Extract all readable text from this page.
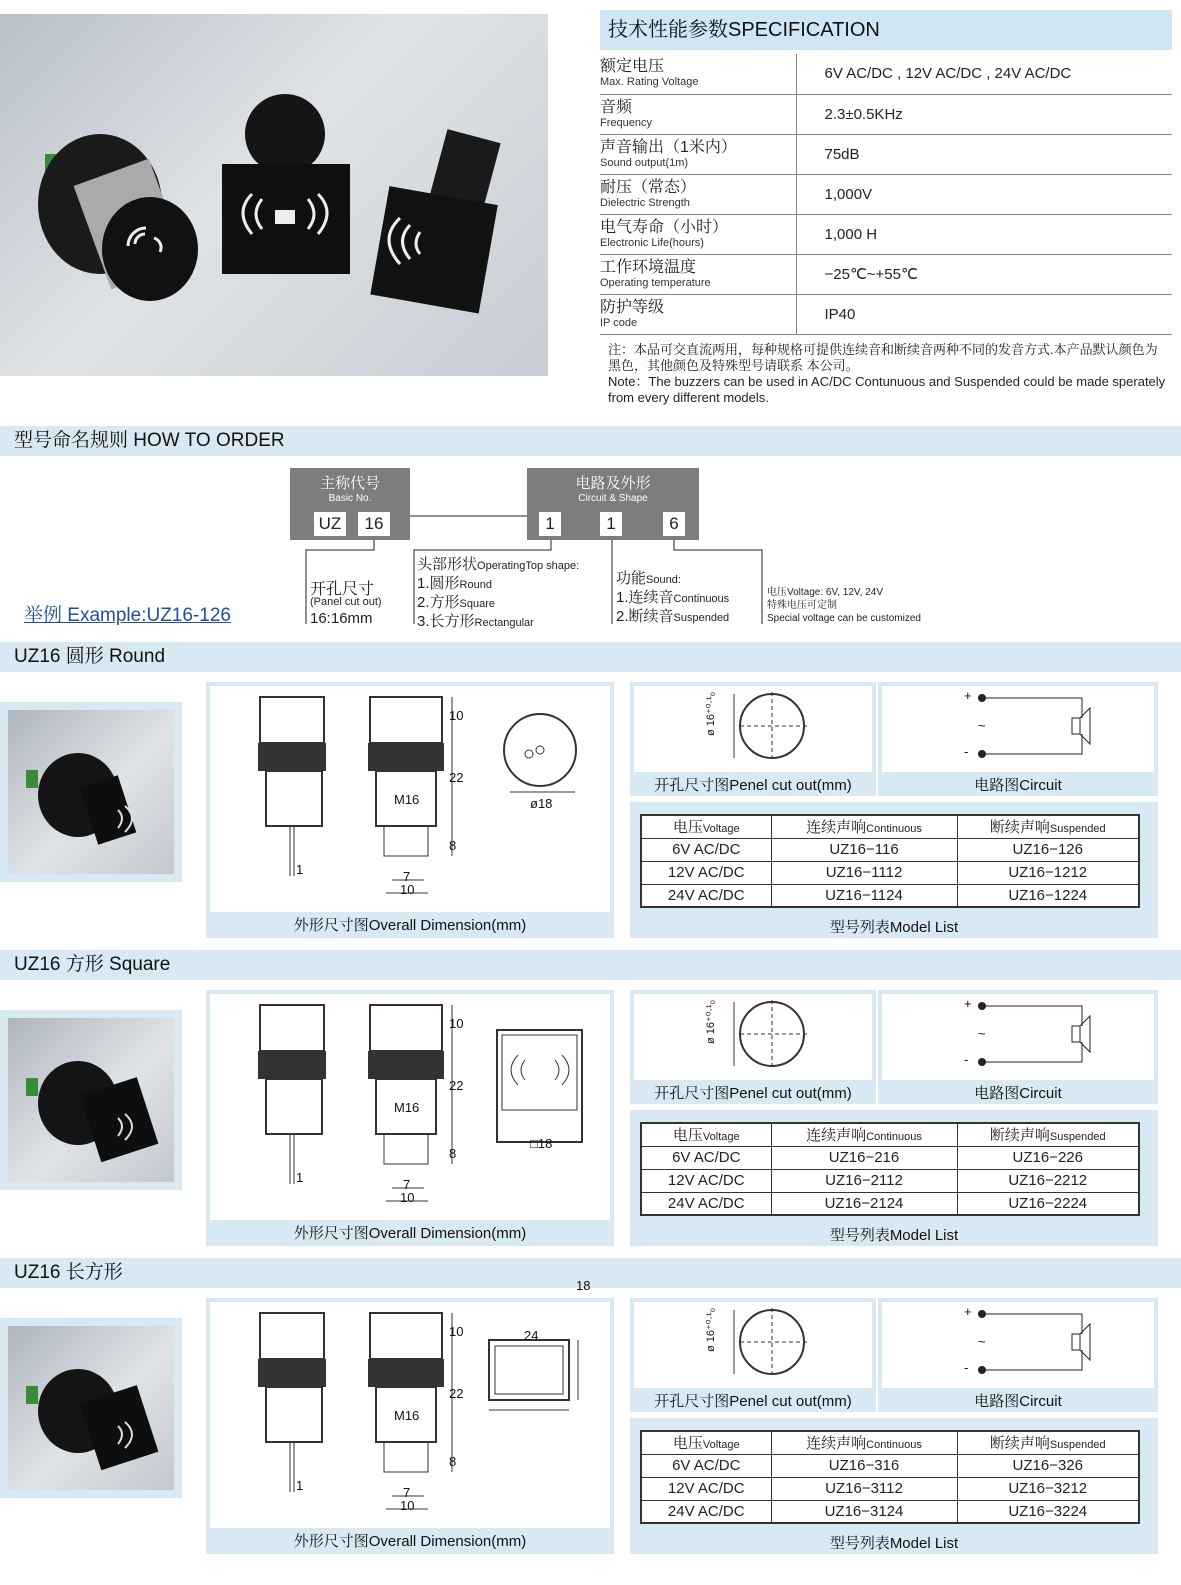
技术性能参数SPECIFICATION
额定电压
Max. Rating Voltage	6V AC/DC , 12V AC/DC , 24V AC/DC

音频
Frequency	2.3±0.5KHz

声音输出（1米内）
Sound output(1m)	75dB

耐压（常态）
Dielectric Strength	1,000V

电气寿命（小时）
Electronic Life(hours)	1,000 H

工作环境温度
Operating temperature	−25℃~+55℃

防护等级
IP code	IP40
注：本品可交直流两用，每种规格可提供连续音和断续音两种不同的发音方式.本产品默认颜色为黑色，其他颜色及特殊型号请联系 本公司。
Note：The buzzers can be used in AC/DC Contunuous and Suspended could be made sperately from every different models.
型号命名规则 HOW TO ORDER
主称代号
Basic No.
UZ	16
电路及外形
Circuit & Shape
1	1	6
举例 Example:UZ16-126
开孔尺寸
(Panel cut out)
16:16mm
头部形状OperatingTop shape:
1.圆形Round
2.方形Square
3.长方形Rectangular
功能Sound:
1.连续音Continuous
2.断续音Suspended
电压Voltage: 6V, 12V, 24V
特殊电压可定制
Special voltage can be customized
UZ16 圆形 Round
外形尺寸图Overall Dimension(mm)
10
22
8
1	7
10
M16	ø18
ø 16⁺⁰·¹₀
开孔尺寸图Penel cut out(mm)
+
-
~
电路图Circuit
型号列表Model List
电压Voltage	连续声响Continuous	断续声响Suspended
6V AC/DC	UZ16−116	UZ16−126
12V AC/DC	UZ16−1112	UZ16−1212
24V AC/DC	UZ16−1124	UZ16−1224
UZ16 方形 Square
外形尺寸图Overall Dimension(mm)
10
22
8
1	7
10
M16
□18
ø 16⁺⁰·¹₀
开孔尺寸图Penel cut out(mm)
+
-
~
电路图Circuit
型号列表Model List
电压Voltage	连续声响Continuous	断续声响Suspended
6V AC/DC	UZ16−216	UZ16−226
12V AC/DC	UZ16−2112	UZ16−2212
24V AC/DC	UZ16−2124	UZ16−2224
UZ16 长方形
外形尺寸图Overall Dimension(mm)
10
22
8
1	7
10
M16
24
18
ø 16⁺⁰·¹₀
开孔尺寸图Penel cut out(mm)
+
-
~
电路图Circuit
型号列表Model List
电压Voltage	连续声响Continuous	断续声响Suspended
6V AC/DC	UZ16−316	UZ16−326
12V AC/DC	UZ16−3112	UZ16−3212
24V AC/DC	UZ16−3124	UZ16−3224
